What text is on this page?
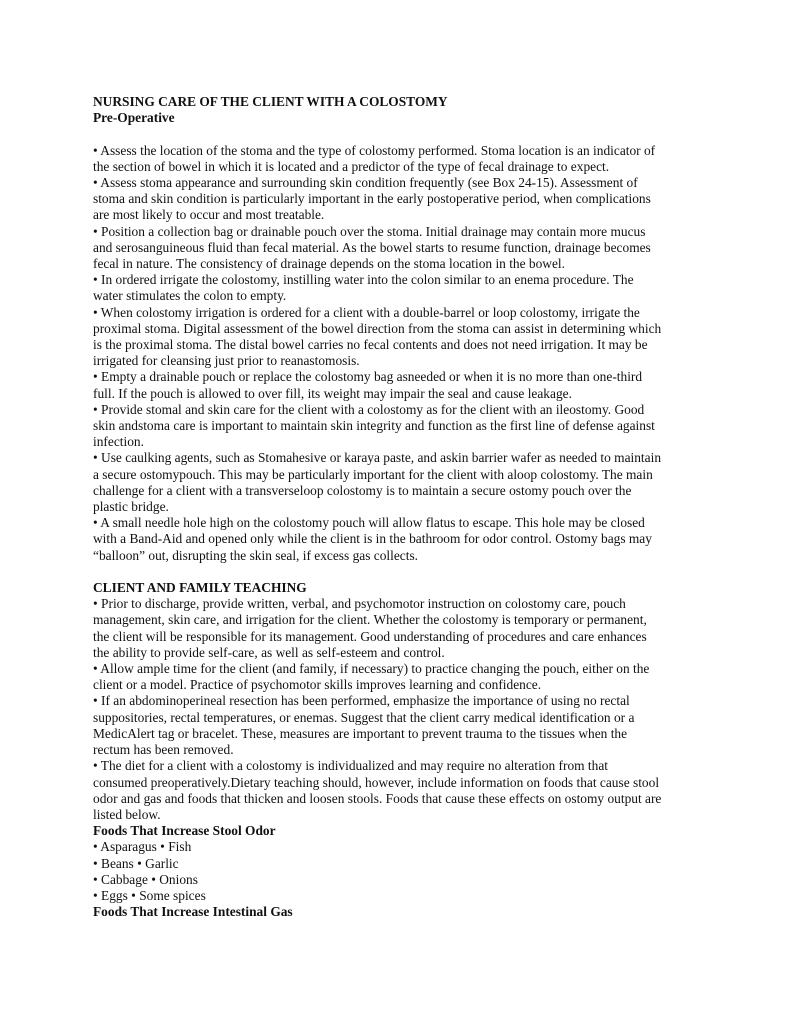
NURSING CARE OF THE CLIENT WITH A COLOSTOMY
Pre-Operative
• Assess the location of the stoma and the type of colostomy performed. Stoma location is an indicator of
the section of bowel in which it is located and a predictor of the type of fecal drainage to expect.
• Assess stoma appearance and surrounding skin condition frequently (see Box 24-15). Assessment of
stoma and skin condition is particularly important in the early postoperative period, when complications
are most likely to occur and most treatable.
• Position a collection bag or drainable pouch over the stoma. Initial drainage may contain more mucus
and serosanguineous fluid than fecal material. As the bowel starts to resume function, drainage becomes
fecal in nature. The consistency of drainage depends on the stoma location in the bowel.
• In ordered irrigate the colostomy, instilling water into the colon similar to an enema procedure. The
water stimulates the colon to empty.
• When colostomy irrigation is ordered for a client with a double-barrel or loop colostomy, irrigate the
proximal stoma. Digital assessment of the bowel direction from the stoma can assist in determining which
is the proximal stoma. The distal bowel carries no fecal contents and does not need irrigation. It may be
irrigated for cleansing just prior to reanastomosis.
• Empty a drainable pouch or replace the colostomy bag asneeded or when it is no more than one-third
full. If the pouch is allowed to over fill, its weight may impair the seal and cause leakage.
• Provide stomal and skin care for the client with a colostomy as for the client with an ileostomy. Good
skin andstoma care is important to maintain skin integrity and function as the first line of defense against
infection.
• Use caulking agents, such as Stomahesive or karaya paste, and askin barrier wafer as needed to maintain
a secure ostomypouch. This may be particularly important for the client with aloop colostomy. The main
challenge for a client with a transverseloop colostomy is to maintain a secure ostomy pouch over the
plastic bridge.
• A small needle hole high on the colostomy pouch will allow flatus to escape. This hole may be closed
with a Band-Aid and opened only while the client is in the bathroom for odor control. Ostomy bags may
“balloon” out, disrupting the skin seal, if excess gas collects.
CLIENT AND FAMILY TEACHING
• Prior to discharge, provide written, verbal, and psychomotor instruction on colostomy care, pouch
management, skin care, and irrigation for the client. Whether the colostomy is temporary or permanent,
the client will be responsible for its management. Good understanding of procedures and care enhances
the ability to provide self-care, as well as self-esteem and control.
• Allow ample time for the client (and family, if necessary) to practice changing the pouch, either on the
client or a model. Practice of psychomotor skills improves learning and confidence.
• If an abdominoperineal resection has been performed, emphasize the importance of using no rectal
suppositories, rectal temperatures, or enemas. Suggest that the client carry medical identification or a
MedicAlert tag or bracelet. These, measures are important to prevent trauma to the tissues when the
rectum has been removed.
• The diet for a client with a colostomy is individualized and may require no alteration from that
consumed preoperatively.Dietary teaching should, however, include information on foods that cause stool
odor and gas and foods that thicken and loosen stools. Foods that cause these effects on ostomy output are
listed below.
Foods That Increase Stool Odor
• Asparagus • Fish
• Beans • Garlic
• Cabbage • Onions
• Eggs • Some spices
Foods That Increase Intestinal Gas
